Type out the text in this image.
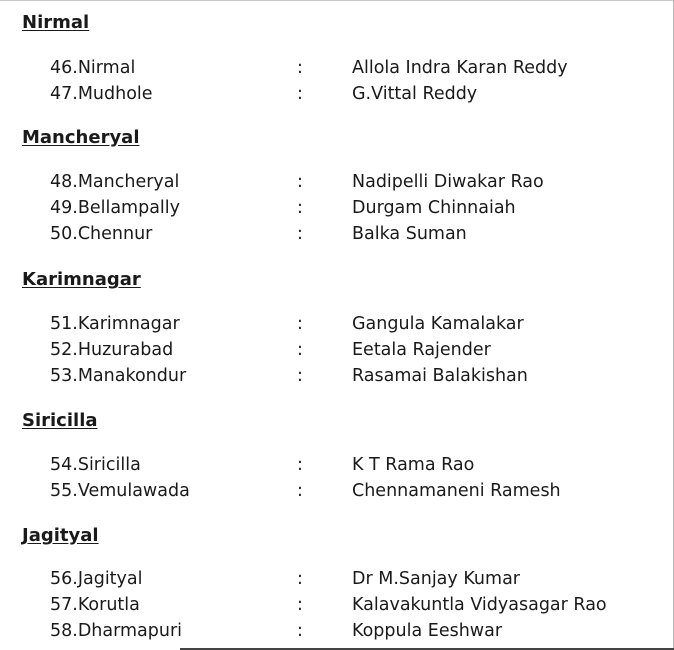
Nirmal
46.Nirmal	:	Allola Indra Karan Reddy
47.Mudhole	:	G.Vittal Reddy
Mancheryal
48.Mancheryal	:	Nadipelli Diwakar Rao
49.Bellampally	:	Durgam Chinnaiah
50.Chennur	:	Balka Suman
Karimnagar
51.Karimnagar	:	Gangula Kamalakar
52.Huzurabad	:	Eetala Rajender
53.Manakondur	:	Rasamai Balakishan
Siricilla
54.Siricilla	:	K T Rama Rao
55.Vemulawada	:	Chennamaneni Ramesh
Jagityal
56.Jagityal	:	Dr M.Sanjay Kumar
57.Korutla	:	Kalavakuntla Vidyasagar Rao
58.Dharmapuri	:	Koppula Eeshwar
